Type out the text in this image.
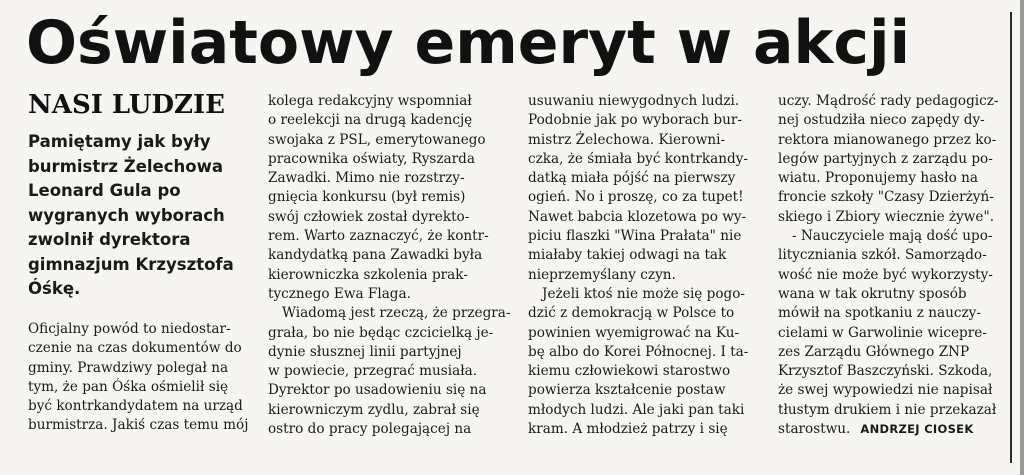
Oświatowy emeryt w akcji
NASI LUDZIE
Pamiętamy jak były burmistrz Żelechowa Leonard Gula po wygranych wyborach zwolnił dyrektora gimnazjum Krzysztofa Óśkę.
Oficjalny powód to niedostar-
czenie na czas dokumentów do
gminy. Prawdziwy polegał na
tym, że pan Óśka ośmielił się
być kontrkandydatem na urząd
burmistrza. Jakiś czas temu mój
kolega redakcyjny wspomniał
o reelekcji na drugą kadencję
swojaka z PSL, emerytowanego
pracownika oświaty, Ryszarda
Zawadki. Mimo nie rozstrzy-
gnięcia konkursu (był remis)
swój człowiek został dyrekto-
rem. Warto zaznaczyć, że kontr-
kandydatką pana Zawadki była
kierowniczka szkolenia prak-
tycznego Ewa Flaga.
Wiadomą jest rzeczą, że przegra-
grała, bo nie będąc czcicielką je-
dynie słusznej linii partyjnej
w powiecie, przegrać musiała.
Dyrektor po usadowieniu się na
kierowniczym zydlu, zabrał się
ostro do pracy polegającej na
usuwaniu niewygodnych ludzi.
Podobnie jak po wyborach bur-
mistrz Żelechowa. Kierowni-
czka, że śmiała być kontrkandy-
datką miała pójść na pierwszy
ogień. No i proszę, co za tupet!
Nawet babcia klozetowa po wy-
piciu flaszki "Wina Prałata" nie
miałaby takiej odwagi na tak
nieprzemyślany czyn.
Jeżeli ktoś nie może się pogo-
dzić z demokracją w Polsce to
powinien wyemigrować na Ku-
bę albo do Korei Północnej. I ta-
kiemu człowiekowi starostwo
powierza kształcenie postaw
młodych ludzi. Ale jaki pan taki
kram. A młodzież patrzy i się
uczy. Mądrość rady pedagogicz-
nej ostudziła nieco zapędy dy-
rektora mianowanego przez ko-
legów partyjnych z zarządu po-
wiatu. Proponujemy hasło na
froncie szkoły "Czasy Dzierżyń-
skiego i Zbiory wiecznie żywe".
- Nauczyciele mają dość upo-
lityczniania szkół. Samorządo-
wość nie może być wykorzysty-
wana w tak okrutny sposób
mówił na spotkaniu z nauczy-
cielami w Garwolinie wicepre-
zes Zarządu Głównego ZNP
Krzysztof Baszczyński. Szkoda,
że swej wypowiedzi nie napisał
tłustym drukiem i nie przekazał
starostwu. ANDRZEJ CIOSEK
